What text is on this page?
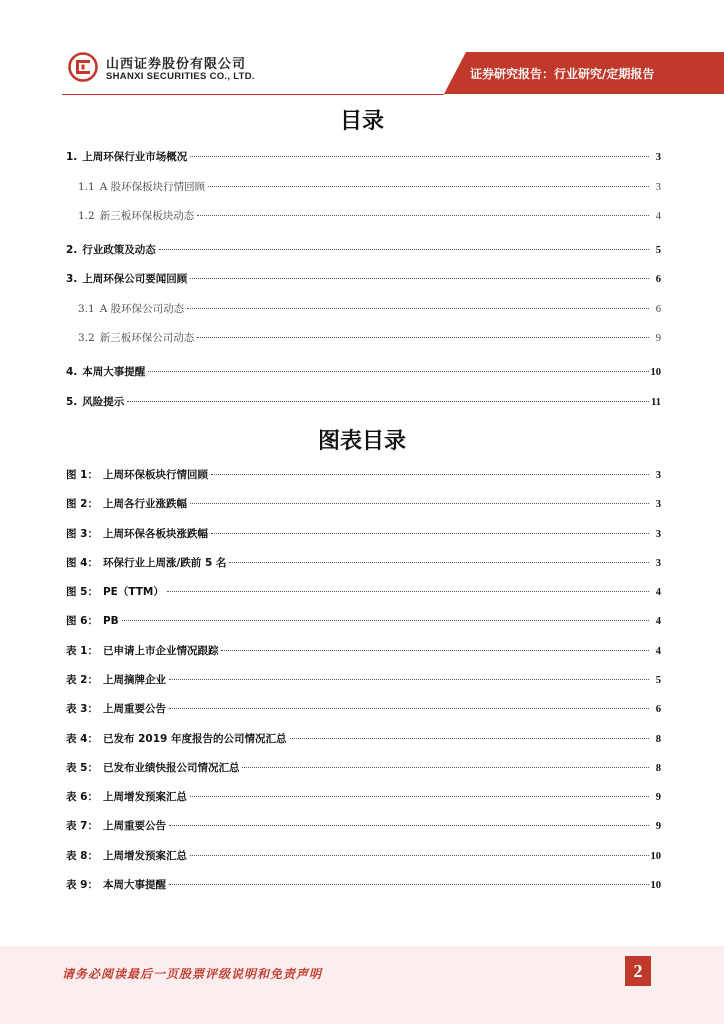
山西证券股份有限公司
SHANXI SECURITIES CO., LTD.	证券研究报告：行业研究/定期报告
目录
1. 上周环保行业市场概况	3
1.1 A 股环保板块行情回顾	3
1.2 新三板环保板块动态	4
2. 行业政策及动态	5
3. 上周环保公司要闻回顾	6
3.1 A 股环保公司动态	6
3.2 新三板环保公司动态	9
4. 本周大事提醒	10
5. 风险提示	11
图表目录
图 1： 上周环保板块行情回顾	3
图 2： 上周各行业涨跌幅	3
图 3： 上周环保各板块涨跌幅	3
图 4： 环保行业上周涨/跌前 5 名	3
图 5： PE（TTM）	4
图 6： PB	4
表 1： 已申请上市企业情况跟踪	4
表 2： 上周摘牌企业	5
表 3： 上周重要公告	6
表 4： 已发布 2019 年度报告的公司情况汇总	8
表 5： 已发布业绩快报公司情况汇总	8
表 6： 上周增发预案汇总	9
表 7： 上周重要公告	9
表 8： 上周增发预案汇总	10
表 9： 本周大事提醒	10
请务必阅读最后一页股票评级说明和免责声明	2
